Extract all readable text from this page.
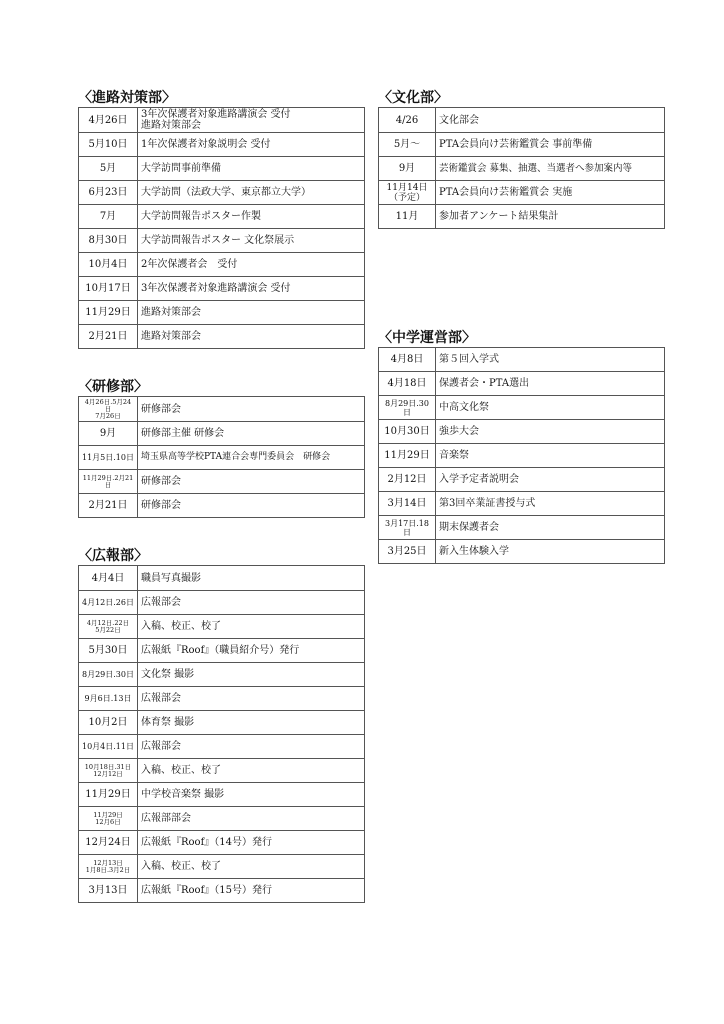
〈進路対策部〉
4月26日	3年次保護者対象進路講演会 受付
進路対策部会
5月10日	1年次保護者対象説明会 受付
5月	大学訪問事前準備
6月23日	大学訪問（法政大学、東京都立大学）
7月	大学訪問報告ポスター作製
8月30日	大学訪問報告ポスター 文化祭展示
10月4日	2年次保護者会　受付
10月17日	3年次保護者対象進路講演会 受付
11月29日	進路対策部会
2月21日	進路対策部会
〈研修部〉
4月26日.5月24日
7月26日	研修部会
9月	研修部主催 研修会
11月5日.10日	埼玉県高等学校PTA連合会専門委員会　研修会
11月29日.2月21日	研修部会
2月21日	研修部会
〈広報部〉
4月4日	職員写真撮影
4月12日.26日	広報部会
4月12日.22日
5月22日	入稿、校正、校了
5月30日	広報紙『Roof』（職員紹介号）発行
8月29日.30日	文化祭 撮影
9月6日.13日	広報部会
10月2日	体育祭 撮影
10月4日.11日	広報部会
10月18日.31日
12月12日	入稿、校正、校了
11月29日	中学校音楽祭 撮影
11月29日
12月6日	広報部部会
12月24日	広報紙『Roof』（14号）発行
12月13日
1月8日.3月2日	入稿、校正、校了
3月13日	広報紙『Roof』（15号）発行
〈文化部〉
4/26	文化部会
5月～	PTA会員向け芸術鑑賞会 事前準備
9月	芸術鑑賞会 募集、抽選、当選者へ参加案内等
11月14日
（予定）	PTA会員向け芸術鑑賞会 実施
11月	参加者アンケート結果集計
〈中学運営部〉
4月8日	第５回入学式
4月18日	保護者会・PTA選出
8月29日.30日	中高文化祭
10月30日	強歩大会
11月29日	音楽祭
2月12日	入学予定者説明会
3月14日	第3回卒業証書授与式
3月17日.18日	期末保護者会
3月25日	新入生体験入学
